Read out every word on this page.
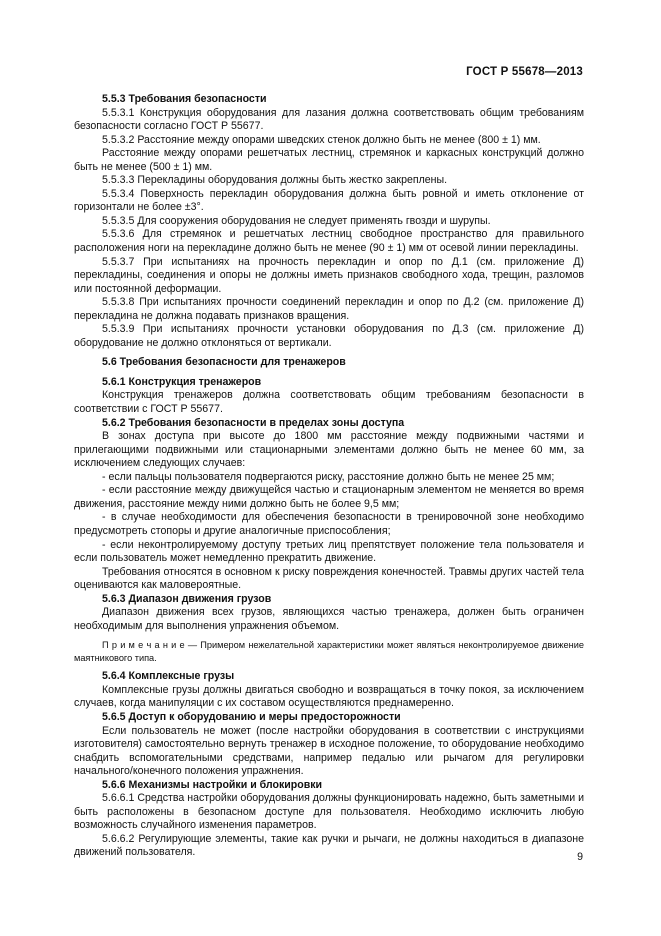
ГОСТ Р 55678—2013

5.5.3 Требования безопасности

5.5.3.1 Конструкция оборудования для лазания должна соответствовать общим требованиям безопасности согласно ГОСТ Р 55677.

5.5.3.2 Расстояние между опорами шведских стенок должно быть не менее (800 ± 1) мм.

Расстояние между опорами решетчатых лестниц, стремянок и каркасных конструкций должно быть не менее (500 ± 1) мм.

5.5.3.3 Перекладины оборудования должны быть жестко закреплены.

5.5.3.4 Поверхность перекладин оборудования должна быть ровной и иметь отклонение от горизонтали не более ±3°.

5.5.3.5 Для сооружения оборудования не следует применять гвозди и шурупы.

5.5.3.6 Для стремянок и решетчатых лестниц свободное пространство для правильного расположения ноги на перекладине должно быть не менее (90 ± 1) мм от осевой линии перекладины.

5.5.3.7 При испытаниях на прочность перекладин и опор по Д.1 (см. приложение Д) перекладины, соединения и опоры не должны иметь признаков свободного хода, трещин, разломов или постоянной деформации.

5.5.3.8 При испытаниях прочности соединений перекладин и опор по Д.2 (см. приложение Д) перекладина не должна подавать признаков вращения.

5.5.3.9 При испытаниях прочности установки оборудования по Д.3 (см. приложение Д) оборудование не должно отклоняться от вертикали.

5.6 Требования безопасности для тренажеров

5.6.1 Конструкция тренажеров

Конструкция тренажеров должна соответствовать общим требованиям безопасности в соответствии с ГОСТ Р 55677.

5.6.2 Требования безопасности в пределах зоны доступа

В зонах доступа при высоте до 1800 мм расстояние между подвижными частями и прилегающими подвижными или стационарными элементами должно быть не менее 60 мм, за исключением следующих случаев:

- если пальцы пользователя подвергаются риску, расстояние должно быть не менее 25 мм;

- если расстояние между движущейся частью и стационарным элементом не меняется во время движения, расстояние между ними должно быть не более 9,5 мм;

- в случае необходимости для обеспечения безопасности в тренировочной зоне необходимо предусмотреть стопоры и другие аналогичные приспособления;

- если неконтролируемому доступу третьих лиц препятствует положение тела пользователя и если пользователь может немедленно прекратить движение.

Требования относятся в основном к риску повреждения конечностей. Травмы других частей тела оцениваются как маловероятные.

5.6.3 Диапазон движения грузов

Диапазон движения всех грузов, являющихся частью тренажера, должен быть ограничен необходимым для выполнения упражнения объемом.

П р и м е ч а н и е — Примером нежелательной характеристики может являться неконтролируемое движение маятникового типа.

5.6.4 Комплексные грузы

Комплексные грузы должны двигаться свободно и возвращаться в точку покоя, за исключением случаев, когда манипуляции с их составом осуществляются преднамеренно.

5.6.5 Доступ к оборудованию и меры предосторожности

Если пользователь не может (после настройки оборудования в соответствии с инструкциями изготовителя) самостоятельно вернуть тренажер в исходное положение, то оборудование необходимо снабдить вспомогательными средствами, например педалью или рычагом для регулировки начального/конечного положения упражнения.

5.6.6 Механизмы настройки и блокировки

5.6.6.1 Средства настройки оборудования должны функционировать надежно, быть заметными и быть расположены в безопасном доступе для пользователя. Необходимо исключить любую возможность случайного изменения параметров.

5.6.6.2 Регулирующие элементы, такие как ручки и рычаги, не должны находиться в диапазоне движений пользователя.	9
